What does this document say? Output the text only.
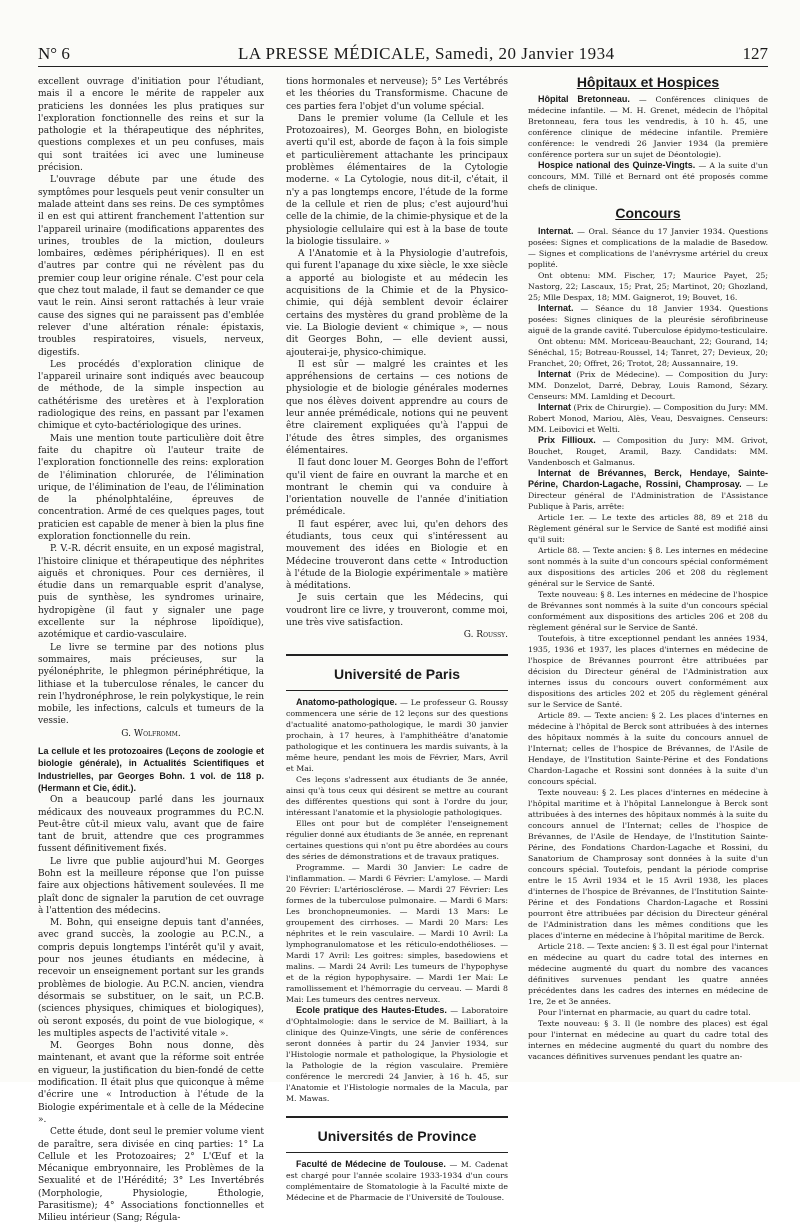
N° 6	LA PRESSE MÉDICALE, Samedi, 20 Janvier 1934	127

excellent ouvrage d'initiation pour l'étudiant, mais il a encore le mérite de rappeler aux praticiens les données les plus pratiques sur l'exploration fonctionnelle des reins et sur la pathologie et la thérapeutique des néphrites, questions complexes et un peu confuses, mais qui sont traitées ici avec une lumineuse précision.

L'ouvrage débute par une étude des symptômes pour lesquels peut venir consulter un malade atteint dans ses reins. De ces symptômes il en est qui attirent franchement l'attention sur l'appareil urinaire (modifications apparentes des urines, troubles de la miction, douleurs lombaires, œdèmes périphériques). Il en est d'autres par contre qui ne révèlent pas du premier coup leur origine rénale. C'est pour cela que chez tout malade, il faut se demander ce que vaut le rein. Ainsi seront rattachés à leur vraie cause des signes qui ne paraissent pas d'emblée relever d'une altération rénale: épistaxis, troubles respiratoires, visuels, nerveux, digestifs.

Les procédés d'exploration clinique de l'appareil urinaire sont indiqués avec beaucoup de méthode, de la simple inspection au cathétérisme des uretères et à l'exploration radiologique des reins, en passant par l'examen chimique et cyto-bactériologique des urines.

Mais une mention toute particulière doit être faite du chapitre où l'auteur traite de l'exploration fonctionnelle des reins: exploration de l'élimination chlorurée, de l'élimination urique, de l'élimination de l'eau, de l'élimination de la phénolphtaléine, épreuves de concentration. Armé de ces quelques pages, tout praticien est capable de mener à bien la plus fine exploration fonctionnelle du rein.

P. V.-R. décrit ensuite, en un exposé magistral, l'histoire clinique et thérapeutique des néphrites aiguës et chroniques. Pour ces dernières, il étudie dans un remarquable esprit d'analyse, puis de synthèse, les syndromes urinaire, hydropigène (il faut y signaler une page excellente sur la néphrose lipoïdique), azotémique et cardio-vasculaire.

Le livre se termine par des notions plus sommaires, mais précieuses, sur la pyélonéphrite, le phlegmon périnéphrétique, la lithiase et la tuberculose rénales, le cancer du rein l'hydronéphrose, le rein polykystique, le rein mobile, les infections, calculs et tumeurs de la vessie.

G. Wolfromm.
La cellule et les protozoaires (Leçons de zoologie et biologie générale), in Actualités Scientifiques et Industrielles, par Georges Bohn. 1 vol. de 118 p. (Hermann et Cie, édit.).

On a beaucoup parlé dans les journaux médicaux des nouveaux programmes du P.C.N. Peut-être cût-il mieux valu, avant que de faire tant de bruit, attendre que ces programmes fussent définitivement fixés.

Le livre que publie aujourd'hui M. Georges Bohn est la meilleure réponse que l'on puisse faire aux objections hâtivement soulevées. Il me plaît donc de signaler la parution de cet ouvrage à l'attention des médecins.

M. Bohn, qui enseigne depuis tant d'années, avec grand succès, la zoologie au P.C.N., a compris depuis longtemps l'intérêt qu'il y avait, pour nos jeunes étudiants en médecine, à recevoir un enseignement portant sur les grands problèmes de biologie. Au P.C.N. ancien, viendra désormais se substituer, on le sait, un P.C.B. (sciences physiques, chimiques et biologiques), où seront exposés, du point de vue biologique, « les multiples aspects de l'activité vitale ».

M. Georges Bohn nous donne, dès maintenant, et avant que la réforme soit entrée en vigueur, la justification du bien-fondé de cette modification. Il était plus que quiconque à même d'écrire une « Introduction à l'étude de la Biologie expérimentale et à celle de la Médecine ».

Cette étude, dont seul le premier volume vient de paraître, sera divisée en cinq parties: 1° La Cellule et les Protozoaires; 2° L'Œuf et la Mécanique embryonnaire, les Problèmes de la Sexualité et de l'Hérédité; 3° Les Invertébrés (Morphologie, Physiologie, Éthologie, Parasitisme); 4° Associations fonctionnelles et Milieu intérieur (Sang; Régula-

tions hormonales et nerveuse); 5° Les Vertébrés et les théories du Transformisme. Chacune de ces parties fera l'objet d'un volume spécial.

Dans le premier volume (la Cellule et les Protozoaires), M. Georges Bohn, en biologiste averti qu'il est, aborde de façon à la fois simple et particulièrement attachante les principaux problèmes élémentaires de la Cytologie moderne. « La Cytologie, nous dit-il, c'était, il n'y a pas longtemps encore, l'étude de la forme de la cellule et rien de plus; c'est aujourd'hui celle de la chimie, de la chimie-physique et de la physiologie cellulaire qui est à la base de toute la biologie tissulaire. »

A l'Anatomie et à la Physiologie d'autrefois, qui furent l'apanage du xixe siècle, le xxe siècle a apporté au biologiste et au médecin les acquisitions de la Chimie et de la Physico-chimie, qui déjà semblent devoir éclairer certains des mystères du grand problème de la vie. La Biologie devient « chimique », — nous dit Georges Bohn, — elle devient aussi, ajouterai-je, physico-chimique.

Il est sûr — malgré les craintes et les appréhensions de certains — ces notions de physiologie et de biologie générales modernes que nos élèves doivent apprendre au cours de leur année prémédicale, notions qui ne peuvent être clairement expliquées qu'à l'appui de l'étude des êtres simples, des organismes élémentaires.

Il faut donc louer M. Georges Bohn de l'effort qu'il vient de faire en ouvrant la marche et en montrant le chemin qui va conduire à l'orientation nouvelle de l'année d'initiation prémédicale.

Il faut espérer, avec lui, qu'en dehors des étudiants, tous ceux qui s'intéressent au mouvement des idées en Biologie et en Médecine trouveront dans cette « Introduction à l'étude de la Biologie expérimentale » matière à méditations.

Je suis certain que les Médecins, qui voudront lire ce livre, y trouveront, comme moi, une très vive satisfaction.

G. Roussy.
Université de Paris

Anatomo-pathologique. — Le professeur G. Roussy commencera une série de 12 leçons sur des questions d'actualité anatomo-pathologique, le mardi 30 janvier prochain, à 17 heures, à l'amphithéâtre d'anatomie pathologique et les continuera les mardis suivants, à la même heure, pendant les mois de Février, Mars, Avril et Mai.

Ces leçons s'adressent aux étudiants de 3e année, ainsi qu'à tous ceux qui désirent se mettre au courant des différentes questions qui sont à l'ordre du jour, intéressant l'anatomie et la physiologie pathologiques.

Elles ont pour but de compléter l'enseignement régulier donné aux étudiants de 3e année, en reprenant certaines questions qui n'ont pu être abordées au cours des séries de démonstrations et de travaux pratiques.

Programme. — Mardi 30 Janvier: Le cadre de l'inflammation. — Mardi 6 Février: L'amylose. — Mardi 20 Février: L'artériosclérose. — Mardi 27 Février: Les formes de la tuberculose pulmonaire. — Mardi 6 Mars: Les bronchopneumonies. — Mardi 13 Mars: Le groupement des cirrhoses. — Mardi 20 Mars: Les néphrites et le rein vasculaire. — Mardi 10 Avril: La lymphogranulomatose et les réticulo-endothélioses. — Mardi 17 Avril: Les goitres: simples, basedowiens et malins. — Mardi 24 Avril: Les tumeurs de l'hypophyse et de la région hypophysaire. — Mardi 1er Mai: Le ramollissement et l'hémorragie du cerveau. — Mardi 8 Mai: Les tumeurs des centres nerveux.

Ecole pratique des Hautes-Etudes. — Laboratoire d'Ophtalmologie: dans le service de M. Bailliart, à la clinique des Quinze-Vingts, une série de conférences seront données à partir du 24 Janvier 1934, sur l'Histologie normale et pathologique, la Physiologie et la Pathologie de la région vasculaire. Première conférence le mercredi 24 Janvier, à 16 h. 45, sur l'Anatomie et l'Histologie normales de la Macula, par M. Mawas.

Universités de Province

Faculté de Médecine de Toulouse. — M. Cadenat est chargé pour l'année scolaire 1933-1934 d'un cours complémentaire de Stomatologie à la Faculté mixte de Médecine et de Pharmacie de l'Université de Toulouse.

Hôpitaux et Hospices

Hôpital Bretonneau. — Conférences cliniques de médecine infantile. — M. H. Grenet, médecin de l'hôpital Bretonneau, fera tous les vendredis, à 10 h. 45, une conférence clinique de médecine infantile. Première conférence: le vendredi 26 Janvier 1934 (la première conférence portera sur un sujet de Déontologie).

Hospice national des Quinze-Vingts. — A la suite d'un concours, MM. Tillé et Bernard ont été proposés comme chefs de clinique.

Concours

Internat. — Oral. Séance du 17 Janvier 1934. Questions posées: Signes et complications de la maladie de Basedow. — Signes et complications de l'anévrysme artériel du creux poplité.

Ont obtenu: MM. Fischer, 17; Maurice Payet, 25; Nastorg, 22; Lascaux, 15; Prat, 25; Martinot, 20; Ghozland, 25; Mlle Despax, 18; MM. Gaignerot, 19; Bouvet, 16.

Internat. — Séance du 18 Janvier 1934. Questions posées: Signes cliniques de la pleurésie sérofibrineuse aiguë de la grande cavité. Tuberculose épidymo-testiculaire.

Ont obtenu: MM. Moriceau-Beauchant, 22; Gourand, 14; Sénéchal, 15; Botreau-Roussel, 14; Tanret, 27; Devieux, 20; Franchet, 20; Offret, 26; Trotot, 28; Aussannaire, 19.

Internat (Prix de Médecine). — Composition du Jury: MM. Donzelot, Darré, Debray, Louis Ramond, Sézary. Censeurs: MM. Lamlding et Decourt.

Internat (Prix de Chirurgie). — Composition du Jury: MM. Robert Monod, Mariou, Alès, Veau, Desvaignes. Censeurs: MM. Leibovici et Welti.

Prix Fillioux. — Composition du Jury: MM. Grivot, Bouchet, Rouget, Aramil, Bazy. Candidats: MM. Vandenbosch et Galmanus.

Internat de Brévannes, Berck, Hendaye, Sainte-Périne, Chardon-Lagache, Rossini, Champrosay. — Le Directeur général de l'Administration de l'Assistance Publique à Paris, arrête:

Article 1er. — Le texte des articles 88, 89 et 218 du Règlement général sur le Service de Santé est modifié ainsi qu'il suit:

Article 88. — Texte ancien: § 8. Les internes en médecine sont nommés à la suite d'un concours spécial conformément aux dispositions des articles 206 et 208 du règlement général sur le Service de Santé.

Texte nouveau: § 8. Les internes en médecine de l'hospice de Brévannes sont nommés à la suite d'un concours spécial conformément aux dispositions des articles 206 et 208 du règlement général sur le Service de Santé.

Toutefois, à titre exceptionnel pendant les années 1934, 1935, 1936 et 1937, les places d'internes en médecine de l'hospice de Brévannes pourront être attribuées par décision du Directeur général de l'Administration aux internes issus du concours ouvert conformément aux dispositions des articles 202 et 205 du règlement général sur le Service de Santé.

Article 89. — Texte ancien: § 2. Les places d'internes en médecine à l'hôpital de Berck sont attribuées à des internes des hôpitaux nommés à la suite du concours annuel de l'Internat; celles de l'hospice de Brévannes, de l'Asile de Hendaye, de l'Institution Sainte-Périne et des Fondations Chardon-Lagache et Rossini sont données à la suite d'un concours spécial.

Texte nouveau: § 2. Les places d'internes en médecine à l'hôpital maritime et à l'hôpital Lannelongue à Berck sont attribuées à des internes des hôpitaux nommés à la suite du concours annuel de l'Internat; celles de l'hospice de Brévannes, de l'Asile de Hendaye, de l'Institution Sainte-Périne, des Fondations Chardon-Lagache et Rossini, du Sanatorium de Champrosay sont données à la suite d'un concours spécial. Toutefois, pendant la période comprise entre le 15 Avril 1934 et le 15 Avril 1938, les places d'internes de l'hospice de Brévannes, de l'Institution Sainte-Périne et des Fondations Chardon-Lagache et Rossini pourront être attribuées par décision du Directeur général de l'Administration dans les mêmes conditions que les places d'interne en médecine à l'hôpital maritime de Berck.

Article 218. — Texte ancien: § 3. Il est égal pour l'internat en médecine au quart du cadre total des internes en médecine augmenté du quart du nombre des vacances définitives survenues pendant les quatre années précédentes dans les cadres des internes en médecine de 1re, 2e et 3e années.

Pour l'internat en pharmacie, au quart du cadre total.

Texte nouveau: § 3. Il (le nombre des places) est égal pour l'internat en médecine au quart du cadre total des internes en médecine augmenté du quart du nombre des vacances définitives survenues pendant les quatre an-
